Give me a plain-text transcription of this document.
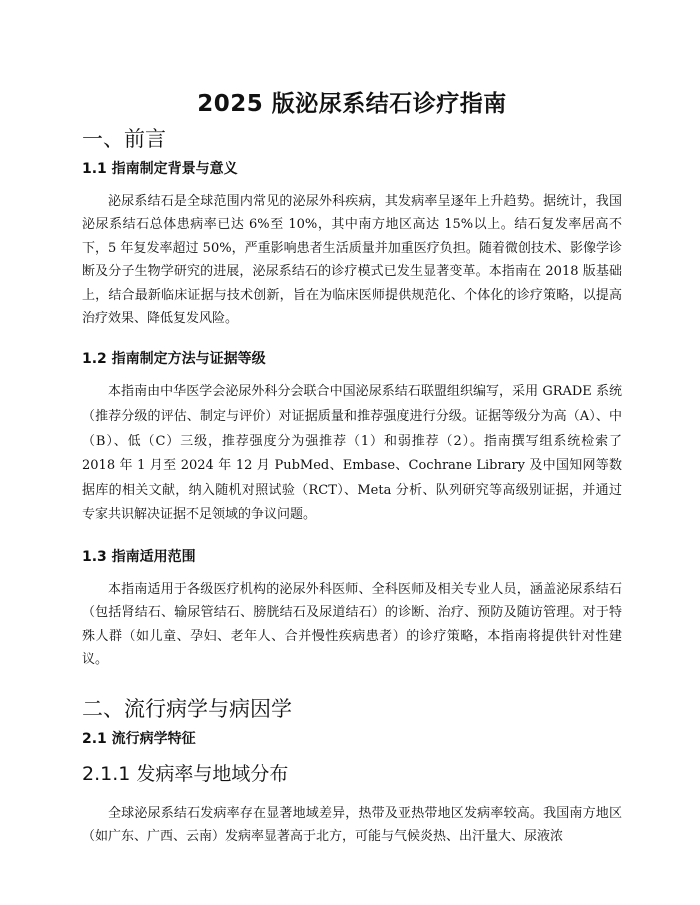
2025 版泌尿系结石诊疗指南
一、前言
1.1 指南制定背景与意义

泌尿系结石是全球范围内常见的泌尿外科疾病，其发病率呈逐年上升趋势。据统计，我国泌尿系结石总体患病率已达 6%至 10%，其中南方地区高达 15%以上。结石复发率居高不下，5 年复发率超过 50%，严重影响患者生活质量并加重医疗负担。随着微创技术、影像学诊断及分子生物学研究的进展，泌尿系结石的诊疗模式已发生显著变革。本指南在 2018 版基础上，结合最新临床证据与技术创新，旨在为临床医师提供规范化、个体化的诊疗策略，以提高治疗效果、降低复发风险。

1.2 指南制定方法与证据等级

本指南由中华医学会泌尿外科分会联合中国泌尿系结石联盟组织编写，采用 GRADE 系统（推荐分级的评估、制定与评价）对证据质量和推荐强度进行分级。证据等级分为高（A）、中（B）、低（C）三级，推荐强度分为强推荐（1）和弱推荐（2）。指南撰写组系统检索了 2018 年 1 月至 2024 年 12 月 PubMed、Embase、Cochrane Library 及中国知网等数据库的相关文献，纳入随机对照试验（RCT）、Meta 分析、队列研究等高级别证据，并通过专家共识解决证据不足领域的争议问题。

1.3 指南适用范围

本指南适用于各级医疗机构的泌尿外科医师、全科医师及相关专业人员，涵盖泌尿系结石（包括肾结石、输尿管结石、膀胱结石及尿道结石）的诊断、治疗、预防及随访管理。对于特殊人群（如儿童、孕妇、老年人、合并慢性疾病患者）的诊疗策略，本指南将提供针对性建议。

二、流行病学与病因学
2.1 流行病学特征
2.1.1 发病率与地域分布

全球泌尿系结石发病率存在显著地域差异，热带及亚热带地区发病率较高。我国南方地区（如广东、广西、云南）发病率显著高于北方，可能与气候炎热、出汗量大、尿液浓
